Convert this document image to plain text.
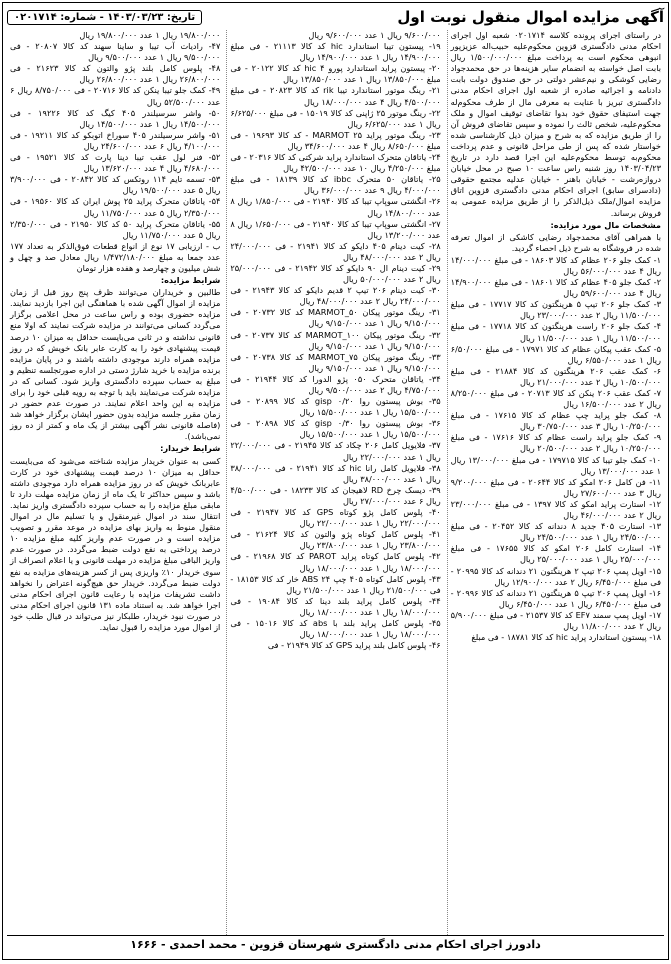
آگهی مزایده اموال منقول نوبت اول
تاریخ: ۱۴۰۳/۰۳/۲۳ - شماره: ۰۲۰۱۷۱۴

در راستای اجرای پرونده کلاسه ۰۲۰۱۷۱۴ شعبه اول اجرای احکام مدنی دادگستری قزوین محکوم‌علیه حبیب‌اله عزیزپور انبوهی محکوم است به پرداخت مبلغ ۱/۵۰۰/۰۰۰/۰۰۰ ریال بابت اصل خواسته به انضمام سایر هزینه‌ها در حق محمدجواد رضایی کوشکی و نیم‌عشر دولتی در حق صندوق دولت بابت دادنامه و اجرائیه صادره از شعبه اول اجرای احکام مدنی دادگستری تبریز با عنایت به معرفی مال از طرف محکوم‌له جهت استیفای حقوق خود بدوا تقاضای توقیف اموال و ملک محکوم‌علیه، شخص ثالث را نموده و سپس تقاضای فروش آن را از طریق مزایده که به شرح و میزان ذیل کارشناسی شده خواستار شده که پس از طی مراحل قانونی و عدم پرداخت محکوم‌به توسط محکوم‌علیه این اجرا قصد دارد در تاریخ ۱۴۰۳/۰۴/۲۳ روز شنبه راس ساعت ۱۰ صبح در محل خیابان دروازه‌رشت - خیابان باهنر - خیابان عدلیه مجتمع حقوقی (دادسرای سابق) اجرای احکام مدنی دادگستری قزوین اتاق مزایده اموال/ملک ذیل‌الذکر را از طریق مزایده عمومی به فروش برساند.

مشخصات مال مورد مزایده:

با همراهی آقای محمدجواد رضایی کاشکی از اموال تعرفه شده در فروشگاه به شرح ذیل احصاء گردید.

۱- کمک جلو ۲۰۶ عظام کد کالا ۱۸۶۰۳ - فی مبلغ ۱۴/۰۰۰/۰۰۰ ریال ۴ عدد ۵۶/۰۰۰/۰۰۰ ریال
۲- کمک جلو ۴۰۵ عظام کد کالا ۱۸۶۰۱ - فی مبلغ ۱۴/۹۰۰/۰۰۰ ریال ۴ عدد ۵۹/۶۰۰/۰۰۰ ریال
۳- کمک جلو ۲۰۶ تیپ ۵ هرینگتون کد کالا ۱۷۷۱۷ - فی مبلغ ۱۱/۵۰۰/۰۰۰ ریال ۲ عدد ۲۳/۰۰۰/۰۰۰ ریال
۴- کمک جلو ۲۰۶ راست هرینگتون کد کالا ۱۷۷۱۸ - فی مبلغ ۱۱/۵۰۰/۰۰۰ ریال ۱ عدد ۱۱/۵۰۰/۰۰۰ ریال
۵- کمک عقب پیکان عظام کد کالا ۱۷۹۷۱ - فی مبلغ ۶/۵۰/۰۰۰ ریال ۱ عدد ۶/۵۵۰/۰۰۰ ریال
۶- کمک عقب ۲۰۶ هرینگتون کد کالا ۲۱۸۸۴ - فی مبلغ ۱۰/۵۰۰/۰۰۰ ریال ۲ عدد ۲۱/۰۰۰/۰۰۰ ریال
۷- کمک عقب ۲۰۶ ینکن کد کالا ۲۰۷۱۳ - فی مبلغ ۸/۲۵۰/۰۰۰ ریال ۲ عدد ۱۶/۵۰۰/۰۰۰ ریال
۸- کمک جلو پراید چپ عظام کد کالا ۱۷۶۱۵ - فی مبلغ ۱۰/۲۵۰/۰۰۰ ریال ۳ عدد ۳۰/۷۵۰/۰۰۰ ریال
۹- کمک جلو پراید راست عظام کد کالا ۱۷۶۱۶ - فی مبلغ ۱۰/۲۵۰/۰۰۰ ریال ۲ عدد ۲۰/۵۰۰/۰۰۰ ریال
۱۰- کمک جلو تیبا کد کالا ۱۷۹۷۱۵ - فی مبلغ ۱۳/۰۰۰/۰۰۰ ریال ۱ عدد ۱۳/۰۰۰/۰۰۰ ریال
۱۱- فن کامل ۲۰۶ امکو کد کالا ۲۰۶۴۴ - فی مبلغ ۹/۲۰۰/۰۰۰ ریال ۳ عدد ۲۷/۶۰۰/۰۰۰ ریال
۱۲- استارت پراید امکو کد کالا ۱۳۹۷ - فی مبلغ ۲۳/۰۰۰/۰۰۰ ریال ۲ عدد ۴۶/۰۰۰/۰۰۰ ریال
۱۳- استارت ۴۰۵ جدید ۸ دندانه کد کالا ۲۰۴۵۲ - فی مبلغ ۲۴/۵۰۰/۰۰۰ ریال ۱ عدد ۲۴/۵۰۰/۰۰۰ ریال
۱۴- استارت کامل ۲۰۶ امکو کد کالا ۱۷۶۵۵ - فی مبلغ ۲۵/۰۰۰/۰۰۰ ریال ۱ عدد ۲۵/۰۰۰/۰۰۰ ریال
۱۵- اویل پمپ ۲۰۶ تیپ ۲ هرینگتون ۲۱ دندانه کد کالا ۲۰۹۹۵ - فی مبلغ ۶/۴۵۰/۰۰۰ ریال ۲ عدد ۱۲/۹۰۰/۰۰۰ ریال
۱۶- اویل پمپ ۲۰۶ تیپ ۵ هرینگتون ۲۱ دندانه کد کالا ۲۰۹۹۶ - فی مبلغ ۶/۴۵۰/۰۰۰ ریال ۱ عدد ۶/۴۵۰/۰۰۰ ریال
۱۷- اویل پمپ سمند EF۷ کد کالا ۲۱۵۳۷ - فی مبلغ ۵/۹۰۰/۰۰۰ ریال ۲ عدد ۱۱/۸۰۰/۰۰۰ ریال
۱۸- پیستون استاندارد پراید hic کد کالا ۱۸۷۸۱ - فی مبلغ
۹/۶۰۰/۰۰۰ ریال ۱ عدد ۹/۶۰۰/۰۰۰ ریال
۱۹- پیستون تیبا استاندارد hic کد کالا ۲۱۱۱۳ - فی مبلغ ۱۴/۹۰۰/۰۰۰ ریال ۱ عدد ۱۴/۹۰۰/۰۰۰ ریال
۲۰- پیستون پراید استاندارد پورو ۴ hic کد کالا ۲۰۱۲۲ - فی مبلغ ۱۳/۸۵۰/۰۰۰ ریال ۱ عدد ۱۳/۸۵۰/۰۰۰ ریال
۲۱- رینگ موتور استاندارد تیبا rik کد کالا ۲۰۸۲۳ - فی مبلغ ۴/۵۰۰/۰۰۰ ریال ۴ عدد ۱۸/۰۰۰/۰۰۰ ریال
۲۲- رینگ موتور ۲۵ ژاپنی کد کالا ۱۵۰۱۹ - فی مبلغ ۶/۶۲۵/۰۰۰ ریال ۱ عدد ۶/۶۲۵/۰۰۰ ریال
۲۳- رینگ موتور پراید ۲۵ MARMOT - کد کالا ۱۹۶۹۳ - فی مبلغ ۸/۶۵۰/۰۰۰ ریال ۴ عدد ۳۴/۶۰۰/۰۰۰ ریال
۲۴- یاتاقان متحرک استاندارد پراید شرکتی کد کالا ۲۰۳۱۶ - فی مبلغ ۴/۲۵۰/۰۰۰ ریال ۱۰ عدد ۴۲/۵۰۰/۰۰۰ ریال
۲۵- یاتاقان ۵۰ متحرک ibbc کد کالا ۱۸۱۳۹ - فی مبلغ ۴/۰۰۰/۰۰۰ ریال ۹ عدد ۳۶/۰۰۰/۰۰۰ ریال
۲۶- انگشتی سوپاپ تیبا کد کالا ۲۱۹۴۰ - فی ۱/۸۵۰/۰۰۰ ریال ۸ عدد ۱۴/۸۰۰/۰۰۰ ریال
۲۷- انگشتی سوپاپ تیبا کد کالا ۲۱۹۴۰ - فی ۱/۶۵۰/۰۰۰ ریال ۸ عدد ۱۳/۲۰۰/۰۰۰ ریال
۲۸- کیت دینام ۴۰۵ دایکو کد کالا ۲۱۹۴۱ - فی ۲۴/۰۰۰/۰۰۰ ریال ۲ عدد ۴۸/۰۰۰/۰۰۰ ریال
۲۹- کیت دینام ال ۹۰ دایکو کد کالا ۲۱۹۴۲ - فی ۲۵/۰۰۰/۰۰۰ ریال ۲ عدد ۵۰/۰۰۰/۰۰۰ ریال
۳۰- کیت دینام ۲۰۶ تیپ ۲ قدیم دایکو کد کالا ۲۱۹۴۳ - فی ۲۴/۰۰۰/۰۰۰ ریال ۲ عدد ۴۸/۰۰۰/۰۰۰ ریال
۳۱- رینگ موتور پیکان MARMOT_۵۰ کد کالا ۲۰۷۳۲ - فی ۹/۱۵۰/۰۰۰ ریال ۱ عدد ۹/۱۵۰/۰۰۰ ریال
۳۲- رینگ موتور پیکان MARMOT_۱۰۰ کد کالا ۲۰۷۳۷ - فی ۹/۱۵۰/۰۰۰ ریال ۱ عدد ۹/۱۵۰/۰۰۰ ریال
۳۳- رینگ موتور پیکان MARMOT_۷۵ کد کالا ۲۰۷۳۸ - فی ۹/۱۵۰/۰۰۰ ریال ۱ عدد ۹/۱۵۰/۰۰۰ ریال
۳۴- یاتاقان متحرک ۰۵۰ پژو الدورا کد کالا ۲۱۹۴۴ - فی ۴/۷۵۰/۰۰۰ ریال ۲ عدد ۹/۵۰۰/۰۰۰ ریال
۳۵- بوش پیستون روا ۰/۲۰ gisp کد کالا ۲۰۸۹۹ - فی ۱۵/۵۰۰/۰۰۰ ریال ۱ عدد ۱۵/۵۰۰/۰۰۰ ریال
۳۶- بوش پیستون روا ۰/۳۰ gisp کد کالا ۲۰۸۹۸ - فی ۱۵/۵۰۰/۰۰۰ ریال ۱ عدد ۱۵/۵۰۰/۰۰۰ ریال
۳۷- فلایویل کامل ۲۰۶ چکاد کد کالا ۲۱۹۴۵ - فی ۲۲/۰۰۰/۰۰۰ ریال ۱ عدد ۲۲/۰۰۰/۰۰۰ ریال
۳۸- فلایویل کامل رانا hic کد کالا ۲۱۹۴۱ - فی ۳۸/۰۰۰/۰۰۰ ریال ۱ عدد ۳۸/۰۰۰/۰۰۰ ریال
۳۹- دیسک چرخ RD لاهیجان کد کالا ۱۸۲۳۳ - فی ۴/۵۰۰/۰۰۰ ریال ۶ عدد ۲۷/۰۰۰/۰۰۰ ریال
۴۰- پلوس کامل پژو کوتاه GPS کد کالا ۲۱۹۴۷ - فی ۲۲/۰۰۰/۰۰۰ ریال ۱ عدد ۲۲/۰۰۰/۰۰۰ ریال
۴۱- پلوس کامل کوتاه پژو والتون کد کالا ۲۱۶۲۴ - فی ۲۳/۸۰۰/۰۰۰ ریال ۱ عدد ۲۳/۸۰۰/۰۰۰ ریال
۴۲- پلوس کامل کوتاه پراید PAROT کد کالا ۲۱۹۶۸ - فی ۱۸/۰۰۰/۰۰۰ ریال ۱ عدد ۱۸/۰۰۰/۰۰۰ ریال
۴۳- پلوس کامل کوتاه ۴۰۵ چپ ABS ۲۴ خار کد کالا ۱۸۱۵۳ - فی ۲۱/۵۰۰/۰۰۰ ریال ۱ عدد ۲۱/۵۰۰/۰۰۰ ریال
۴۴- پلوس کامل پراید بلند دینا کد کالا ۱۹۰۸۴ - فی ۱۸/۰۰۰/۰۰۰ ریال ۱ عدد ۱۸/۰۰۰/۰۰۰ ریال
۴۵- پلوس کامل پراید بلند با abs کد کالا ۱۵۰۱۶ - فی ۱۸/۰۰۰/۰۰۰ ریال ۱ عدد ۱۸/۰۰۰/۰۰۰ ریال
۴۶- پلوس کامل بلند پراید GPS کد کالا ۲۱۹۴۹ - فی
۱۹/۸۰۰/۰۰۰ ریال ۱ عدد ۱۹/۸۰۰/۰۰۰ ریال
۴۷- رادیات آب تیبا و ساینا سهند کد کالا ۲۰۸۰۷ - فی ۹/۵۰۰/۰۰۰ ریال ۱ عدد ۹/۵۰۰/۰۰۰ ریال
۴۸- پلوس کامل بلند پژو والتون کد کالا ۲۱۶۲۳ - فی ۲۶/۸۰۰/۰۰۰ ریال ۱ عدد ۲۶/۸۰۰/۰۰۰ ریال
۴۹- کمک جلو تیبا ینکن کد کالا ۲۰۷۱۶ - فی ۸/۷۵۰/۰۰۰ ریال ۶ عدد ۵۲/۵۰۰/۰۰۰ ریال
۵۰- واشر سرسیلندر ۴۰۵ کیگ کد کالا ۱۹۲۲۶ - فی ۱۴/۵۰۰/۰۰۰ ریال ۱ عدد ۱۴/۵۰۰/۰۰۰ ریال
۵۱- واشر سرسیلندر ۴۰۵ سوراخ اتوبکو کد کالا ۱۹۲۱۱ - فی ۴/۱۰۰/۰۰۰ ریال ۶ عدد ۲۴/۶۰۰/۰۰۰ ریال
۵۲- فنر لول عقب تیبا دینا پارت کد کالا ۱۹۵۲۱ - فی ۴/۶۸۰/۰۰۰ ریال ۴ عدد ۱۳/۶۲۰/۰۰۰ ریال
۵۳- تسمه تایم ۱۱۴ روتکس کد کالا ۲۰۸۴۲ - فی ۳/۹۰۰/۰۰۰ ریال ۵ عدد ۱۹/۵۰۰/۰۰۰ ریال
۵۴- یاتاقان متحرک پراید ۲۵ پوش ایران کد کالا ۱۹۵۶۰ - فی ۲/۳۵۰/۰۰۰ ریال ۵ عدد ۱۱/۷۵۰/۰۰۰ ریال
۵۵- یاتاقان متحرک پراید ۵۰ کد کالا ۲۱۹۵۰ - فی ۲/۳۵۰/۰۰۰ ریال ۵ عدد ۱۱/۷۵۰/۰۰۰ ریال

ب - ارزیابی ۱۷ نوع از انواع قطعات فوق‌الذکر به تعداد ۱۷۷ عدد جمعا به مبلغ ۱/۴۷۲/۱۸۰/۰۰۰ ریال معادل صد و چهل و شش میلیون و چهارصد و هفده هزار تومان

شرایط مزایده:

طالبین و خریداران می‌توانند ظرف پنج روز قبل از زمان مزایده از اموال آگهی شده با هماهنگی این اجرا بازدید نمایند. مزایده حضوری بوده و راس ساعت در محل اعلامی برگزار می‌گردد کسانی می‌توانند در مزایده شرکت نمایند که اولا منع قانونی نداشته و در ثانی می‌بایست حداقل به میزان ۱۰ درصد قیمت پیشنهادی خود را به کارت عابر بانک خویش که در روز مزایده همراه دارند موجودی داشته باشند و در پایان مزایده برنده مزایده با خرید شارژ دستی در اداره صورتجلسه تنظیم و مبلغ به حساب سپرده دادگستری واریز شود. کسانی که در مزایده شرکت می‌نمایند باید با توجه به رویه قبلی خود را برای مزایده به این واحد اعلام نمایند. در صورت عدم حضور در زمان مقرر جلسه مزایده بدون حضور ایشان برگزار خواهد شد (فاصله قانونی نشر آگهی بیشتر از یک ماه و کمتر از ده روز نمی‌باشد).

شرایط خریدار:

کسی به عنوان خریدار مزایده شناخته می‌شود که می‌بایست حداقل به میزان ۱۰ درصد قیمت پیشنهادی خود در کارت عابربانک خویش که در روز مزایده همراه دارد موجودی داشته باشد و سپس حداکثر تا یک ماه از زمان مزایده مهلت دارد تا مابقی مبلغ مزایده را به حساب سپرده دادگستری واریز نماید. انتقال سند در اموال غیرمنقول و یا تسلیم مال در اموال منقول منوط به واریز بهای مزایده در موعد مقرر و تصویب مزایده است و در صورت عدم واریز کلیه مبلغ مزایده ۱۰ درصد پرداختی به نفع دولت ضبط می‌گردد. در صورت عدم واریز الباقی مبلغ مزایده در مهلت قانونی و یا اعلام انصراف از سوی خریدار ۱۰٪ واریزی پس از کسر هزینه‌های مزایده به نفع دولت ضبط می‌گردد. خریدار حق هیچ‌گونه اعتراض را نخواهد داشت تشریفات مزایده با رعایت قانون اجرای احکام مدنی اجرا خواهد شد. به استناد ماده ۱۳۱ قانون اجرای احکام مدنی در صورت نبود خریدار، طلبکار نیز می‌تواند در قبال طلب خود از اموال مورد مزایده را قبول نماید.

دادورز اجرای احکام مدنی دادگستری شهرستان قزوین - محمد احمدی - ۱۶۶۶
